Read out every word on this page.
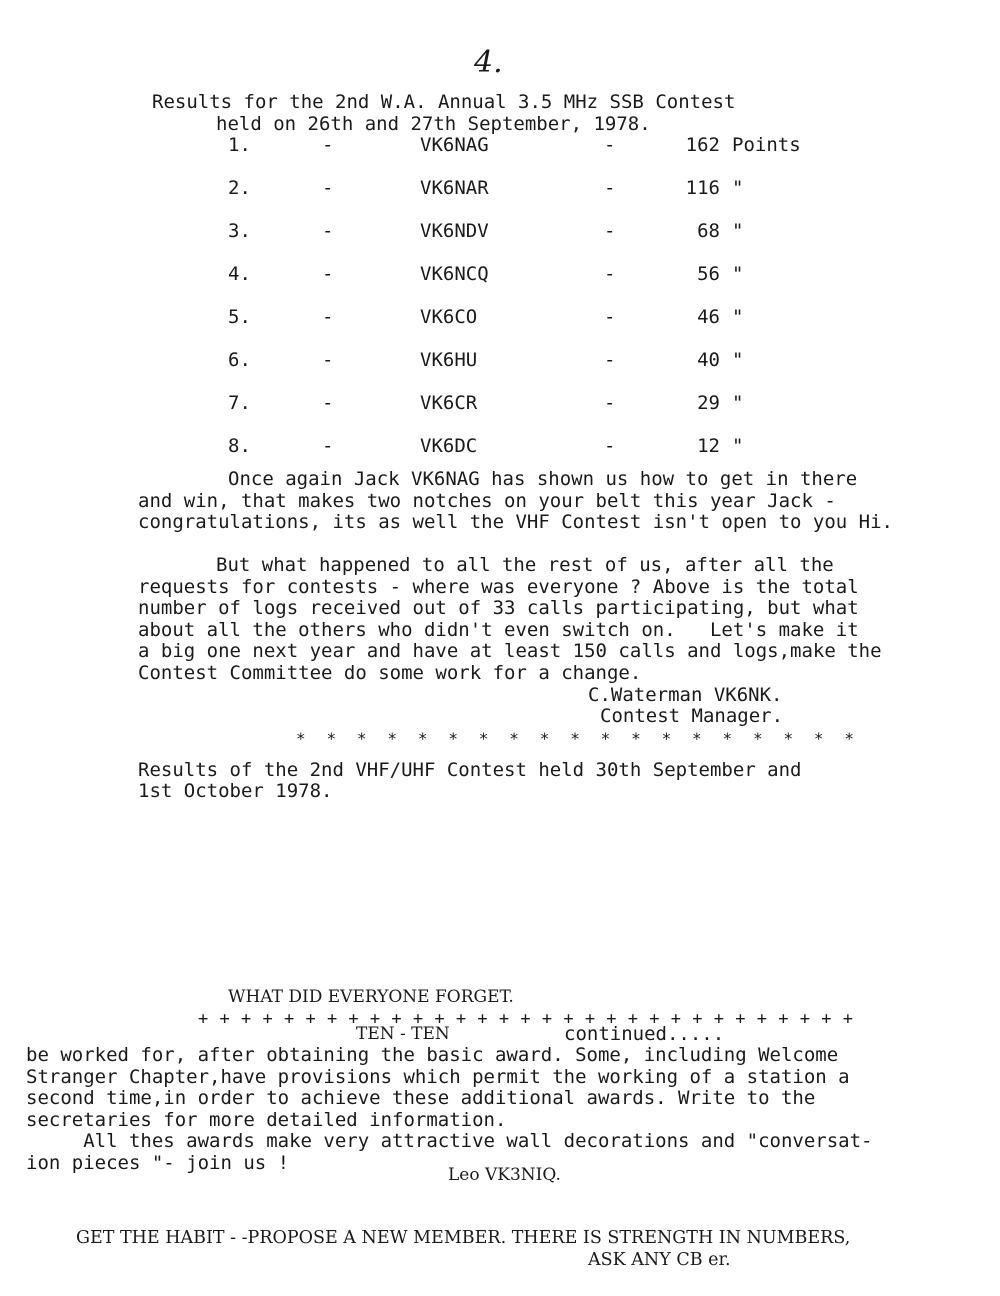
4.
Results for the 2nd W.A. Annual 3.5 MHz SSB Contest
held on 26th and 27th September, 1978.
1.	-	VK6NAG	-	162 Points
2.	-	VK6NAR	-	116 "
3.	-	VK6NDV	-	68 "
4.	-	VK6NCQ	-	56 "
5.	-	VK6CO	-	46 "
6.	-	VK6HU	-	40 "
7.	-	VK6CR	-	29 "
8.	-	VK6DC	-	12 "
Once again Jack VK6NAG has shown us how to get in there
and win, that makes two notches on your belt this year Jack -
congratulations, its as well the VHF Contest isn't open to you Hi.
But what happened to all the rest of us, after all the
requests for contests - where was everyone ? Above is the total
number of logs received out of 33 calls participating, but what
about all the others who didn't even switch on.   Let's make it
a big one next year and have at least 150 calls and logs,make the
Contest Committee do some work for a change.
C.Waterman VK6NK.
Contest Manager.
* * * * * * * * * * * * * * * * * * *
Results of the 2nd VHF/UHF Contest held 30th September and
1st October 1978.
WHAT DID EVERYONE FORGET.
+ + + + + + + + + + + + + + + + + + + + + + + + + + + + + + +
TEN - TEN	continued.....
be worked for, after obtaining the basic award. Some, including Welcome
Stranger Chapter,have provisions which permit the working of a station a
second time,in order to achieve these additional awards. Write to the
secretaries for more detailed information.
All thes awards make very attractive wall decorations and "conversat-
ion pieces "- join us !
Leo VK3NIQ.
GET THE HABIT - -PROPOSE A NEW MEMBER. THERE IS STRENGTH IN NUMBERS,
ASK ANY CB er.
